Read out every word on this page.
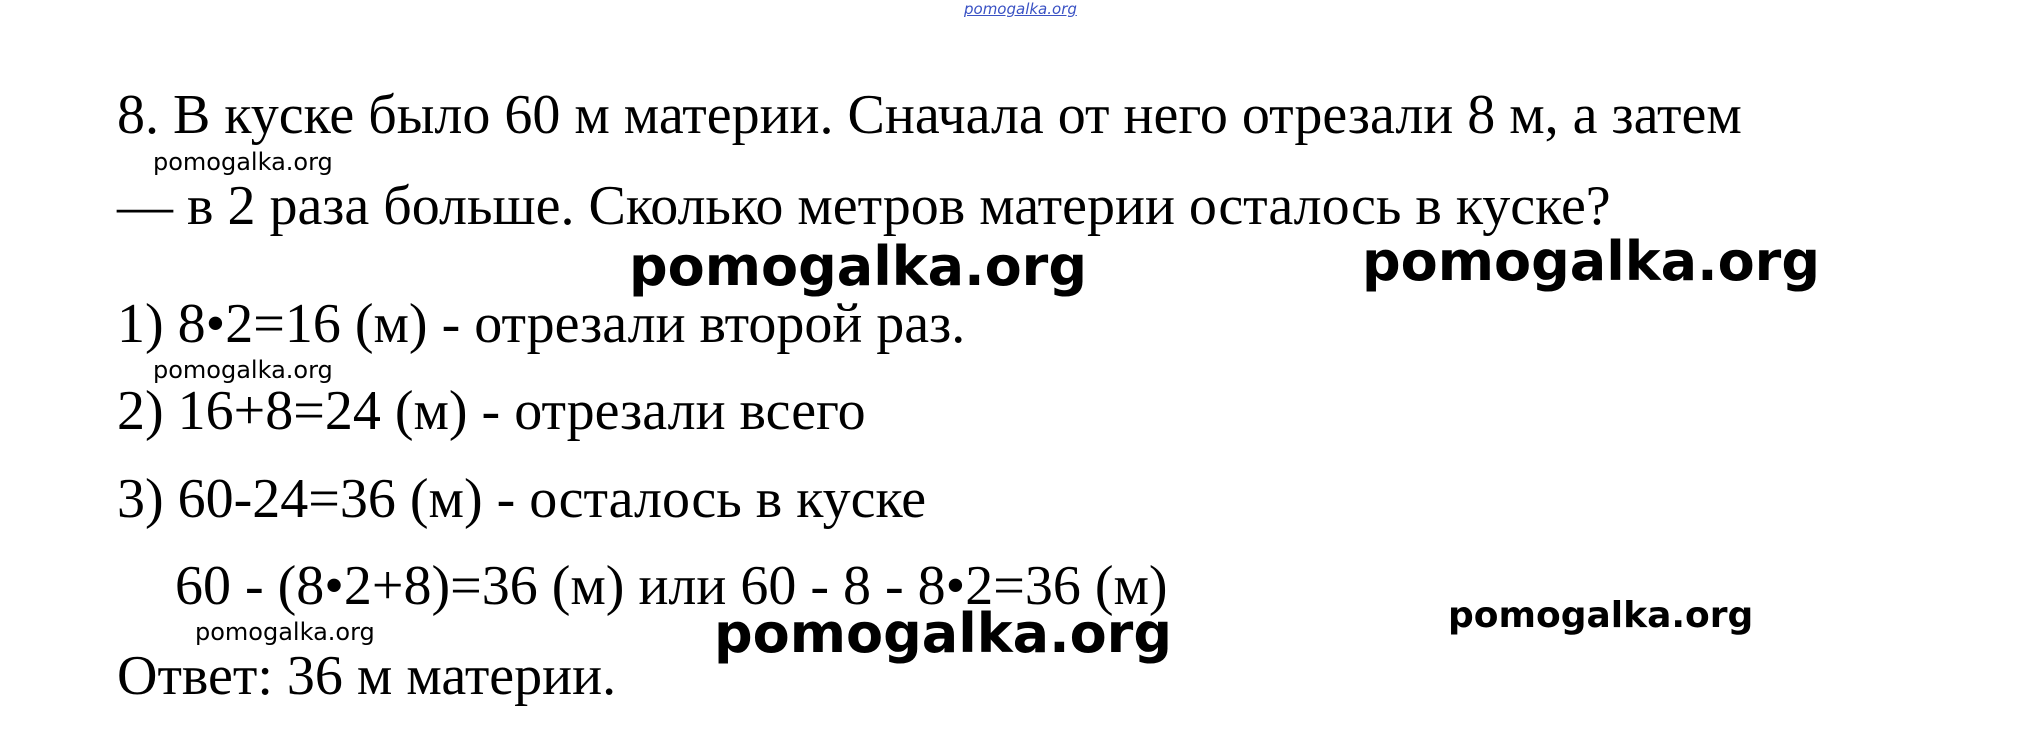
pomogalka.org
8. В куске было 60 м материи. Сначала от него отрезали 8 м, а затем
— в 2 раза больше. Сколько метров материи осталось в куске?
1) 8•2=16 (м) - отрезали второй раз.
2) 16+8=24 (м) - отрезали всего
3) 60-24=36 (м) - осталось в куске
60 - (8•2+8)=36 (м) или 60 - 8 - 8•2=36 (м)
Ответ: 36 м материи.
pomogalka.org
pomogalka.org
pomogalka.org
pomogalka.org	pomogalka.org
pomogalka.org	pomogalka.org
